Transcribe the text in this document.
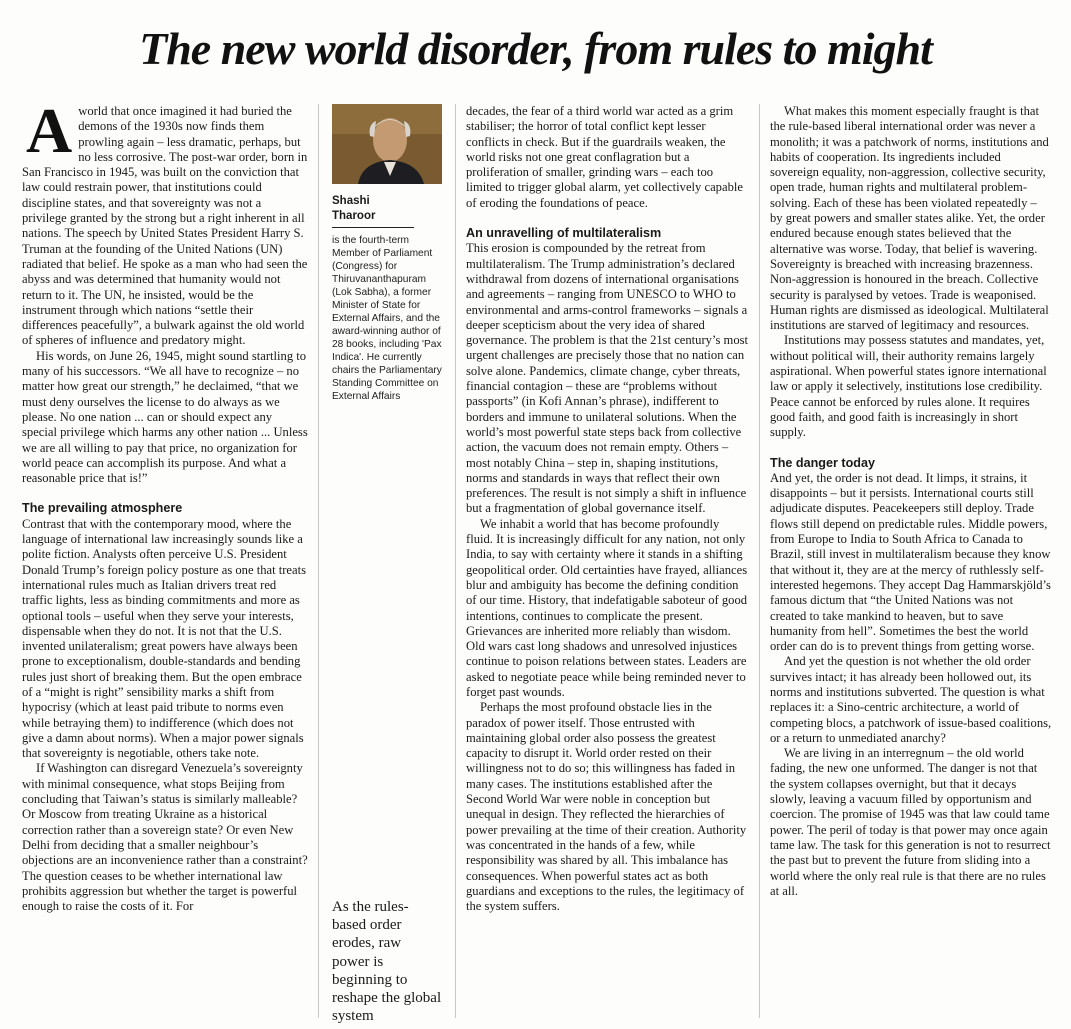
The new world disorder, from rules to might

Aworld that once imagined it had buried the demons of the 1930s now finds them prowling again – less dramatic, perhaps, but no less corrosive. The post-war order, born in San Francisco in 1945, was built on the conviction that law could restrain power, that institutions could discipline states, and that sovereignty was not a privilege granted by the strong but a right inherent in all nations. The speech by United States President Harry S. Truman at the founding of the United Nations (UN) radiated that belief. He spoke as a man who had seen the abyss and was determined that humanity would not return to it. The UN, he insisted, would be the instrument through which nations “settle their differences peacefully”, a bulwark against the old world of spheres of influence and predatory might.

His words, on June 26, 1945, might sound startling to many of his successors. “We all have to recognize – no matter how great our strength,” he declaimed, “that we must deny ourselves the license to do always as we please. No one nation ... can or should expect any special privilege which harms any other nation ... Unless we are all willing to pay that price, no organization for world peace can accomplish its purpose. And what a reasonable price that is!”

The prevailing atmosphere

Contrast that with the contemporary mood, where the language of international law increasingly sounds like a polite fiction. Analysts often perceive U.S. President Donald Trump’s foreign policy posture as one that treats international rules much as Italian drivers treat red traffic lights, less as binding commitments and more as optional tools – useful when they serve your interests, dispensable when they do not. It is not that the U.S. invented unilateralism; great powers have always been prone to exceptionalism, double-standards and bending rules just short of breaking them. But the open embrace of a “might is right” sensibility marks a shift from hypocrisy (which at least paid tribute to norms even while betraying them) to indifference (which does not give a damn about norms). When a major power signals that sovereignty is negotiable, others take note.

If Washington can disregard Venezuela’s sovereignty with minimal consequence, what stops Beijing from concluding that Taiwan’s status is similarly malleable? Or Moscow from treating Ukraine as a historical correction rather than a sovereign state? Or even New Delhi from deciding that a smaller neighbour’s objections are an inconvenience rather than a constraint? The question ceases to be whether international law prohibits aggression but whether the target is powerful enough to raise the costs of it. For

Shashi Tharoor

is the fourth-term Member of Parliament (Congress) for Thiruvananthapuram (Lok Sabha), a former Minister of State for External Affairs, and the award-winning author of 28 books, including 'Pax Indica'. He currently chairs the Parliamentary Standing Committee on External Affairs

As the rules-based order erodes, raw power is beginning to reshape the global system

decades, the fear of a third world war acted as a grim stabiliser; the horror of total conflict kept lesser conflicts in check. But if the guardrails weaken, the world risks not one great conflagration but a proliferation of smaller, grinding wars – each too limited to trigger global alarm, yet collectively capable of eroding the foundations of peace.

An unravelling of multilateralism

This erosion is compounded by the retreat from multilateralism. The Trump administration’s declared withdrawal from dozens of international organisations and agreements – ranging from UNESCO to WHO to environmental and arms-control frameworks – signals a deeper scepticism about the very idea of shared governance. The problem is that the 21st century’s most urgent challenges are precisely those that no nation can solve alone. Pandemics, climate change, cyber threats, financial contagion – these are “problems without passports” (in Kofi Annan’s phrase), indifferent to borders and immune to unilateral solutions. When the world’s most powerful state steps back from collective action, the vacuum does not remain empty. Others – most notably China – step in, shaping institutions, norms and standards in ways that reflect their own preferences. The result is not simply a shift in influence but a fragmentation of global governance itself.

We inhabit a world that has become profoundly fluid. It is increasingly difficult for any nation, not only India, to say with certainty where it stands in a shifting geopolitical order. Old certainties have frayed, alliances blur and ambiguity has become the defining condition of our time. History, that indefatigable saboteur of good intentions, continues to complicate the present. Grievances are inherited more reliably than wisdom. Old wars cast long shadows and unresolved injustices continue to poison relations between states. Leaders are asked to negotiate peace while being reminded never to forget past wounds.

Perhaps the most profound obstacle lies in the paradox of power itself. Those entrusted with maintaining global order also possess the greatest capacity to disrupt it. World order rested on their willingness not to do so; this willingness has faded in many cases. The institutions established after the Second World War were noble in conception but unequal in design. They reflected the hierarchies of power prevailing at the time of their creation. Authority was concentrated in the hands of a few, while responsibility was shared by all. This imbalance has consequences. When powerful states act as both guardians and exceptions to the rules, the legitimacy of the system suffers.

What makes this moment especially fraught is that the rule-based liberal international order was never a monolith; it was a patchwork of norms, institutions and habits of cooperation. Its ingredients included sovereign equality, non-aggression, collective security, open trade, human rights and multilateral problem-solving. Each of these has been violated repeatedly – by great powers and smaller states alike. Yet, the order endured because enough states believed that the alternative was worse. Today, that belief is wavering. Sovereignty is breached with increasing brazenness. Non-aggression is honoured in the breach. Collective security is paralysed by vetoes. Trade is weaponised. Human rights are dismissed as ideological. Multilateral institutions are starved of legitimacy and resources.

Institutions may possess statutes and mandates, yet, without political will, their authority remains largely aspirational. When powerful states ignore international law or apply it selectively, institutions lose credibility. Peace cannot be enforced by rules alone. It requires good faith, and good faith is increasingly in short supply.

The danger today

And yet, the order is not dead. It limps, it strains, it disappoints – but it persists. International courts still adjudicate disputes. Peacekeepers still deploy. Trade flows still depend on predictable rules. Middle powers, from Europe to India to South Africa to Canada to Brazil, still invest in multilateralism because they know that without it, they are at the mercy of ruthlessly self-interested hegemons. They accept Dag Hammarskjöld’s famous dictum that “the United Nations was not created to take mankind to heaven, but to save humanity from hell”. Sometimes the best the world order can do is to prevent things from getting worse.

And yet the question is not whether the old order survives intact; it has already been hollowed out, its norms and institutions subverted. The question is what replaces it: a Sino-centric architecture, a world of competing blocs, a patchwork of issue-based coalitions, or a return to unmediated anarchy?

We are living in an interregnum – the old world fading, the new one unformed. The danger is not that the system collapses overnight, but that it decays slowly, leaving a vacuum filled by opportunism and coercion. The promise of 1945 was that law could tame power. The peril of today is that power may once again tame law. The task for this generation is not to resurrect the past but to prevent the future from sliding into a world where the only real rule is that there are no rules at all.
